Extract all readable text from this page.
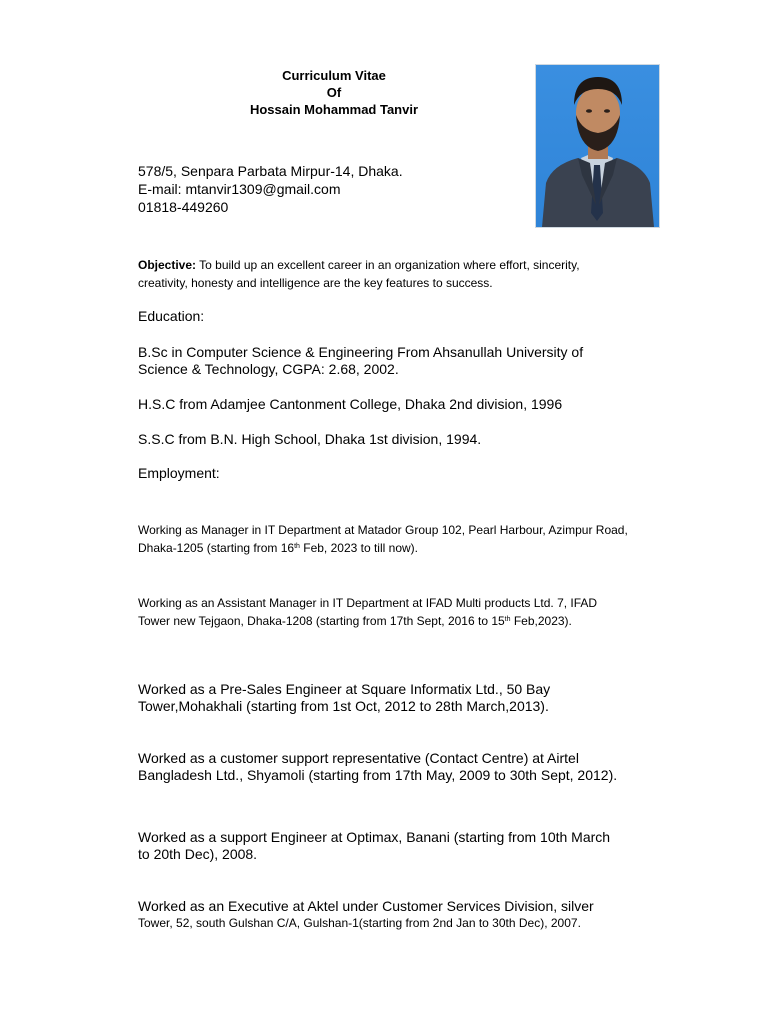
Curriculum Vitae
Of
Hossain Mohammad Tanvir
578/5, Senpara Parbata Mirpur-14, Dhaka.
E-mail: mtanvir1309@gmail.com
01818-449260
Objective: To build up an excellent career in an organization where effort, sincerity, creativity, honesty and intelligence are the key features to success.
Education:
B.Sc in Computer Science & Engineering From Ahsanullah University of Science & Technology, CGPA: 2.68, 2002.
H.S.C from Adamjee Cantonment College, Dhaka 2nd division, 1996
S.S.C from B.N. High School, Dhaka 1st division, 1994.
Employment:
Working as Manager in IT Department at Matador Group 102, Pearl Harbour, Azimpur Road, Dhaka-1205 (starting from 16th Feb, 2023 to till now).
Working as an Assistant Manager in IT Department at IFAD Multi products Ltd. 7, IFAD Tower new Tejgaon, Dhaka-1208 (starting from 17th Sept, 2016 to 15th Feb,2023).
Worked as a Pre-Sales Engineer at Square Informatix Ltd., 50 Bay Tower,Mohakhali (starting from 1st Oct, 2012 to 28th March,2013).
Worked as a customer support representative (Contact Centre) at Airtel Bangladesh Ltd., Shyamoli (starting from 17th May, 2009 to 30th Sept, 2012).
Worked as a support Engineer at Optimax, Banani (starting from 10th March
to 20th Dec), 2008.
Worked as an Executive at Aktel under Customer Services Division, silver
Tower, 52, south Gulshan C/A, Gulshan-1(starting from 2nd Jan to 30th Dec), 2007.
